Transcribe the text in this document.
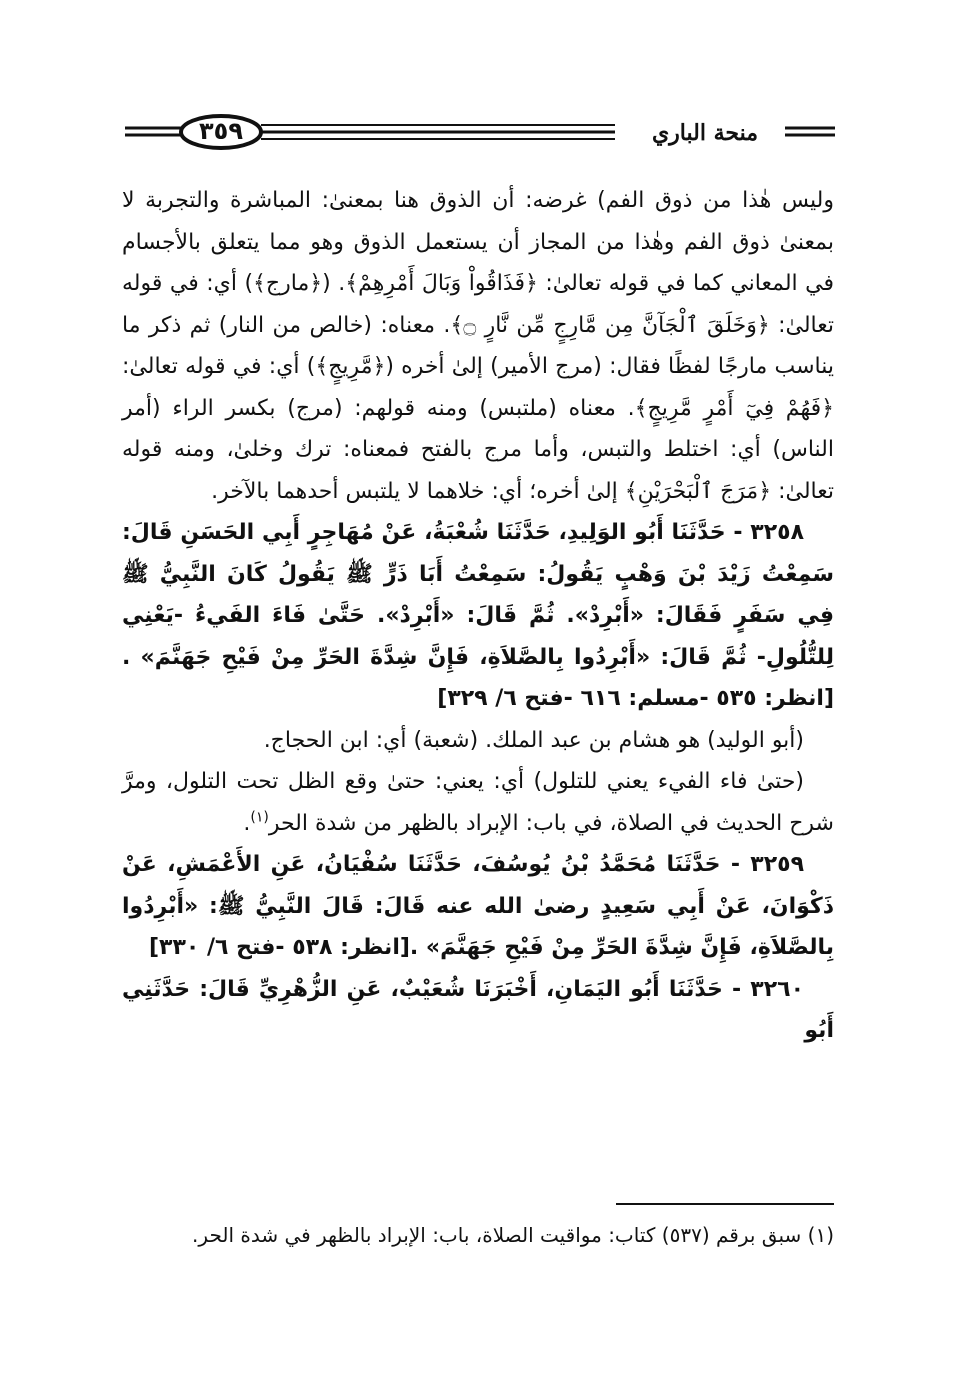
٣٥٩	منحة الباري

وليس هٰذا من ذوق الفم) غرضه: أن الذوق هنا بمعنىٰ: المباشرة والتجربة لا بمعنىٰ ذوق الفم وهٰذا من المجاز أن يستعمل الذوق وهو مما يتعلق بالأجسام في المعاني كما في قوله تعالىٰ: ﴿فَذَاقُواْ وَبَالَ أَمْرِهِمْ﴾. (﴿مارج﴾) أي: في قوله تعالىٰ: ﴿وَخَلَقَ ٱلْجَآنَّ مِن مَّارِجٍ مِّن نَّارٍ ۝﴾. معناه: (خالص من النار) ثم ذكر ما يناسب مارجًا لفظًا فقال: (مرج الأمير) إلىٰ أخره (﴿مَّرِيجٍ﴾) أي: في قوله تعالىٰ: ﴿فَهُمْ فِيٓ أَمْرٍ مَّرِيجٍ﴾. معناه (ملتبس) ومنه قولهم: (مرج) بكسر الراء (أمر الناس) أي: اختلط والتبس، وأما مرج بالفتح فمعناه: ترك وخلىٰ، ومنه قوله تعالىٰ: ﴿مَرَجَ ٱلْبَحْرَيْنِ﴾ إلىٰ أخره؛ أي: خلاهما لا يلتبس أحدهما بالآخر.

٣٢٥٨ - حَدَّثَنَا أَبُو الوَلِيدِ، حَدَّثَنَا شُعْبَةُ، عَنْ مُهَاجِرٍ أَبِي الحَسَنِ قَالَ: سَمِعْتُ زَيْدَ بْنَ وَهْبٍ يَقُولُ: سَمِعْتُ أَبَا ذَرٍّ ﷺ يَقُولُ كَانَ النَّبِيُّ ﷺ فِي سَفَرٍ فَقَالَ: «أَبْرِدْ». ثُمَّ قَالَ: «أَبْرِدْ». حَتَّىٰ فَاءَ الفَيءُ -يَعْنِي لِلتُّلُولِ- ثُمَّ قَالَ: «أَبْرِدُوا بِالصَّلاَةِ، فَإِنَّ شِدَّةَ الحَرِّ مِنْ فَيْحِ جَهَنَّمَ» .[انظر: ٥٣٥ -مسلم: ٦١٦ -فتح ٦/ ٣٢٩]

(أبو الوليد) هو هشام بن عبد الملك. (شعبة) أي: ابن الحجاج.

(حتىٰ فاء الفيء يعني للتلول) أي: يعني: حتىٰ وقع الظل تحت التلول، ومرَّ شرح الحديث في الصلاة، في باب: الإبراد بالظهر من شدة الحر$^{(١)}$.

٣٢٥٩ - حَدَّثَنَا مُحَمَّدُ بْنُ يُوسُفَ، حَدَّثَنَا سُفْيَانُ، عَنِ الأَعْمَشِ، عَنْ ذَكْوَانَ، عَنْ أَبِي سَعِيدٍ رضىٰ الله عنه قَالَ: قَالَ النَّبِيُّ ﷺ: «أَبْرِدُوا بِالصَّلاَةِ، فَإِنَّ شِدَّةَ الحَرِّ مِنْ فَيْحِ جَهَنَّمَ» .[انظر: ٥٣٨ -فتح ٦/ ٣٣٠]

٣٢٦٠ - حَدَّثَنَا أَبُو اليَمَانِ، أَخْبَرَنَا شُعَيْبٌ، عَنِ الزُّهْرِيِّ قَالَ: حَدَّثَنِي أَبُو

(١) سبق برقم (٥٣٧) كتاب: مواقيت الصلاة، باب: الإبراد بالظهر في شدة الحر.
